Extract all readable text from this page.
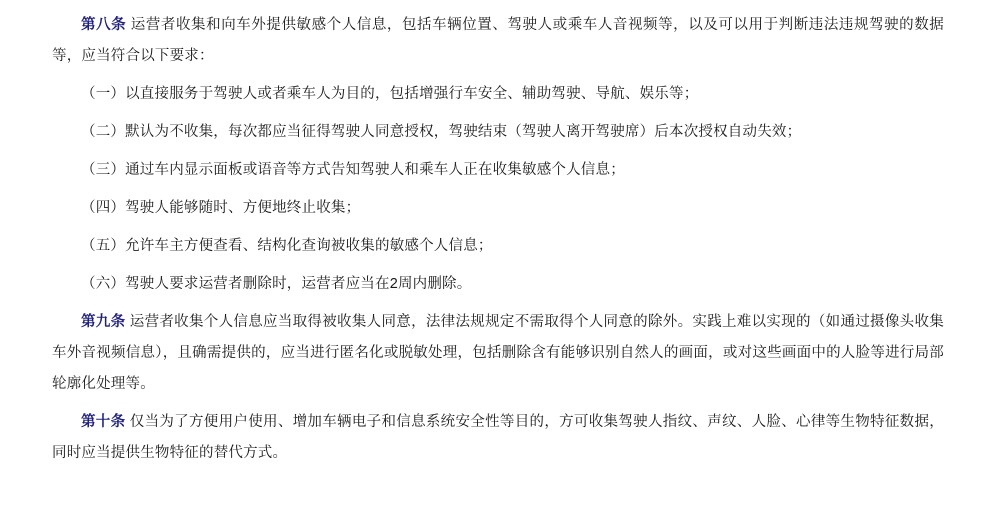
第八条 运营者收集和向车外提供敏感个人信息，包括车辆位置、驾驶人或乘车人音视频等，以及可以用于判断违法违规驾驶的数据等，应当符合以下要求：

（一）以直接服务于驾驶人或者乘车人为目的，包括增强行车安全、辅助驾驶、导航、娱乐等；

（二）默认为不收集，每次都应当征得驾驶人同意授权，驾驶结束（驾驶人离开驾驶席）后本次授权自动失效；

（三）通过车内显示面板或语音等方式告知驾驶人和乘车人正在收集敏感个人信息；

（四）驾驶人能够随时、方便地终止收集；

（五）允许车主方便查看、结构化查询被收集的敏感个人信息；

（六）驾驶人要求运营者删除时，运营者应当在2周内删除。

第九条 运营者收集个人信息应当取得被收集人同意，法律法规规定不需取得个人同意的除外。实践上难以实现的（如通过摄像头收集车外音视频信息），且确需提供的，应当进行匿名化或脱敏处理，包括删除含有能够识别自然人的画面，或对这些画面中的人脸等进行局部轮廓化处理等。

第十条 仅当为了方便用户使用、增加车辆电子和信息系统安全性等目的，方可收集驾驶人指纹、声纹、人脸、心律等生物特征数据，同时应当提供生物特征的替代方式。
